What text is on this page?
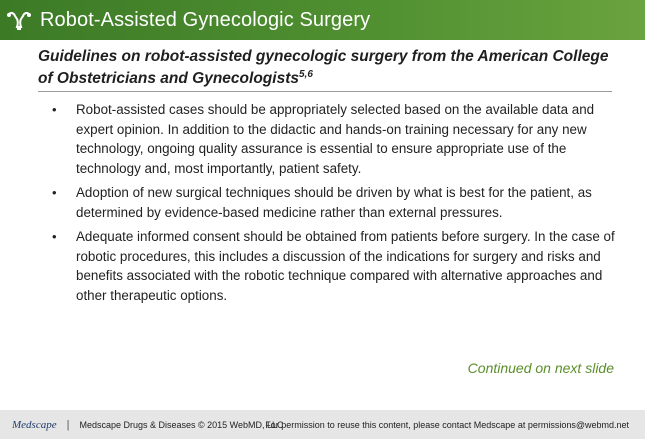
Robot-Assisted Gynecologic Surgery
Guidelines on robot-assisted gynecologic surgery from the American College of Obstetricians and Gynecologists$^{5,6}$
• Robot-assisted cases should be appropriately selected based on the available data and expert opinion. In addition to the didactic and hands-on training necessary for any new technology, ongoing quality assurance is essential to ensure appropriate use of the technology and, most importantly, patient safety.
• Adoption of new surgical techniques should be driven by what is best for the patient, as determined by evidence-based medicine rather than external pressures.
• Adequate informed consent should be obtained from patients before surgery. In the case of robotic procedures, this includes a discussion of the indications for surgery and risks and benefits associated with the robotic technique compared with alternative approaches and other therapeutic options.
Continued on next slide
Medscape | Medscape Drugs & Diseases © 2015 WebMD, LLC
For permission to reuse this content, please contact Medscape at permissions@webmd.net
